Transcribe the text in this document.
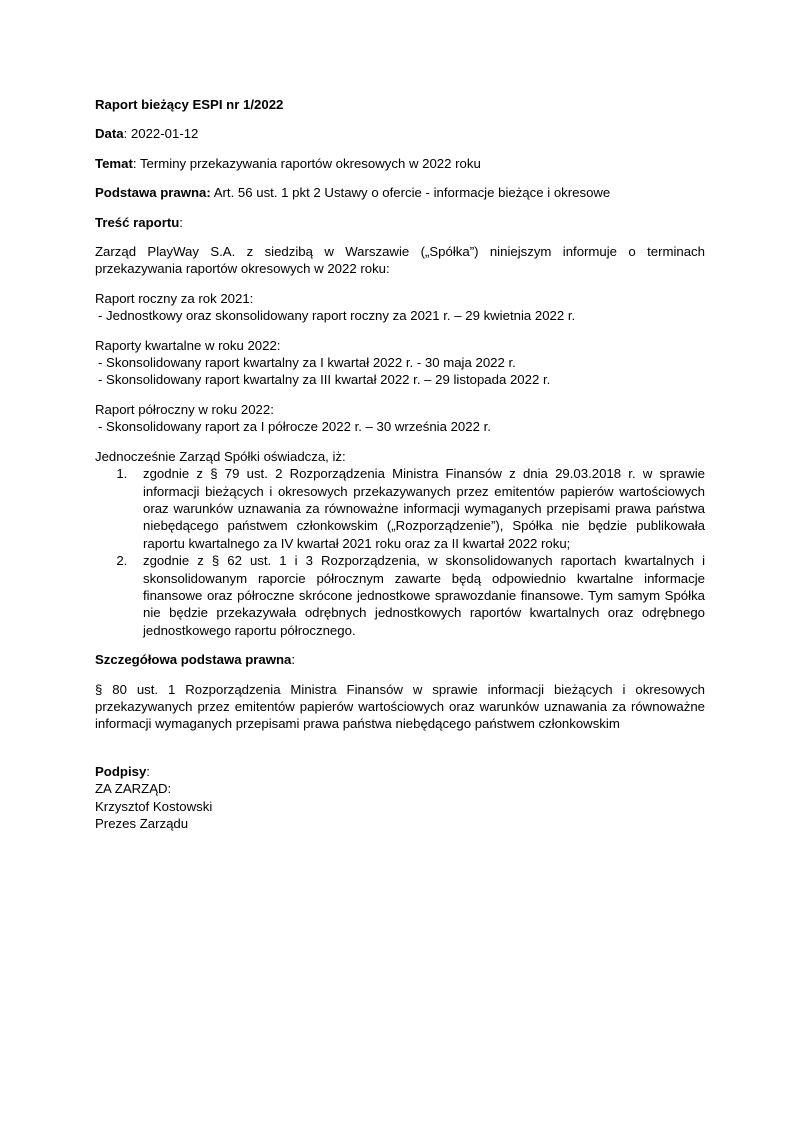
Raport bieżący ESPI nr 1/2022

Data: 2022-01-12

Temat: Terminy przekazywania raportów okresowych w 2022 roku

Podstawa prawna: Art. 56 ust. 1 pkt 2 Ustawy o ofercie - informacje bieżące i okresowe

Treść raportu:

Zarząd PlayWay S.A. z siedzibą w Warszawie („Spółka”) niniejszym informuje o terminach przekazywania raportów okresowych w 2022 roku:

Raport roczny za rok 2021:
- Jednostkowy oraz skonsolidowany raport roczny za 2021 r. – 29 kwietnia 2022 r.

Raporty kwartalne w roku 2022:
- Skonsolidowany raport kwartalny za I kwartał 2022 r. - 30 maja 2022 r.
- Skonsolidowany raport kwartalny za III kwartał 2022 r. – 29 listopada 2022 r.

Raport półroczny w roku 2022:
- Skonsolidowany raport za I półrocze 2022 r. – 30 września 2022 r.

Jednocześnie Zarząd Spółki oświadcza, iż:

1. zgodnie z § 79 ust. 2 Rozporządzenia Ministra Finansów z dnia 29.03.2018 r. w sprawie informacji bieżących i okresowych przekazywanych przez emitentów papierów wartościowych oraz warunków uznawania za równoważne informacji wymaganych przepisami prawa państwa niebędącego państwem członkowskim („Rozporządzenie”), Spółka nie będzie publikowała raportu kwartalnego za IV kwartał 2021 roku oraz za II kwartał 2022 roku;
2. zgodnie z § 62 ust. 1 i 3 Rozporządzenia, w skonsolidowanych raportach kwartalnych i skonsolidowanym raporcie półrocznym zawarte będą odpowiednio kwartalne informacje finansowe oraz półroczne skrócone jednostkowe sprawozdanie finansowe. Tym samym Spółka nie będzie przekazywała odrębnych jednostkowych raportów kwartalnych oraz odrębnego jednostkowego raportu półrocznego.

Szczegółowa podstawa prawna:

§ 80 ust. 1 Rozporządzenia Ministra Finansów w sprawie informacji bieżących i okresowych przekazywanych przez emitentów papierów wartościowych oraz warunków uznawania za równoważne informacji wymaganych przepisami prawa państwa niebędącego państwem członkowskim

Podpisy:
ZA ZARZĄD:
Krzysztof Kostowski
Prezes Zarządu
